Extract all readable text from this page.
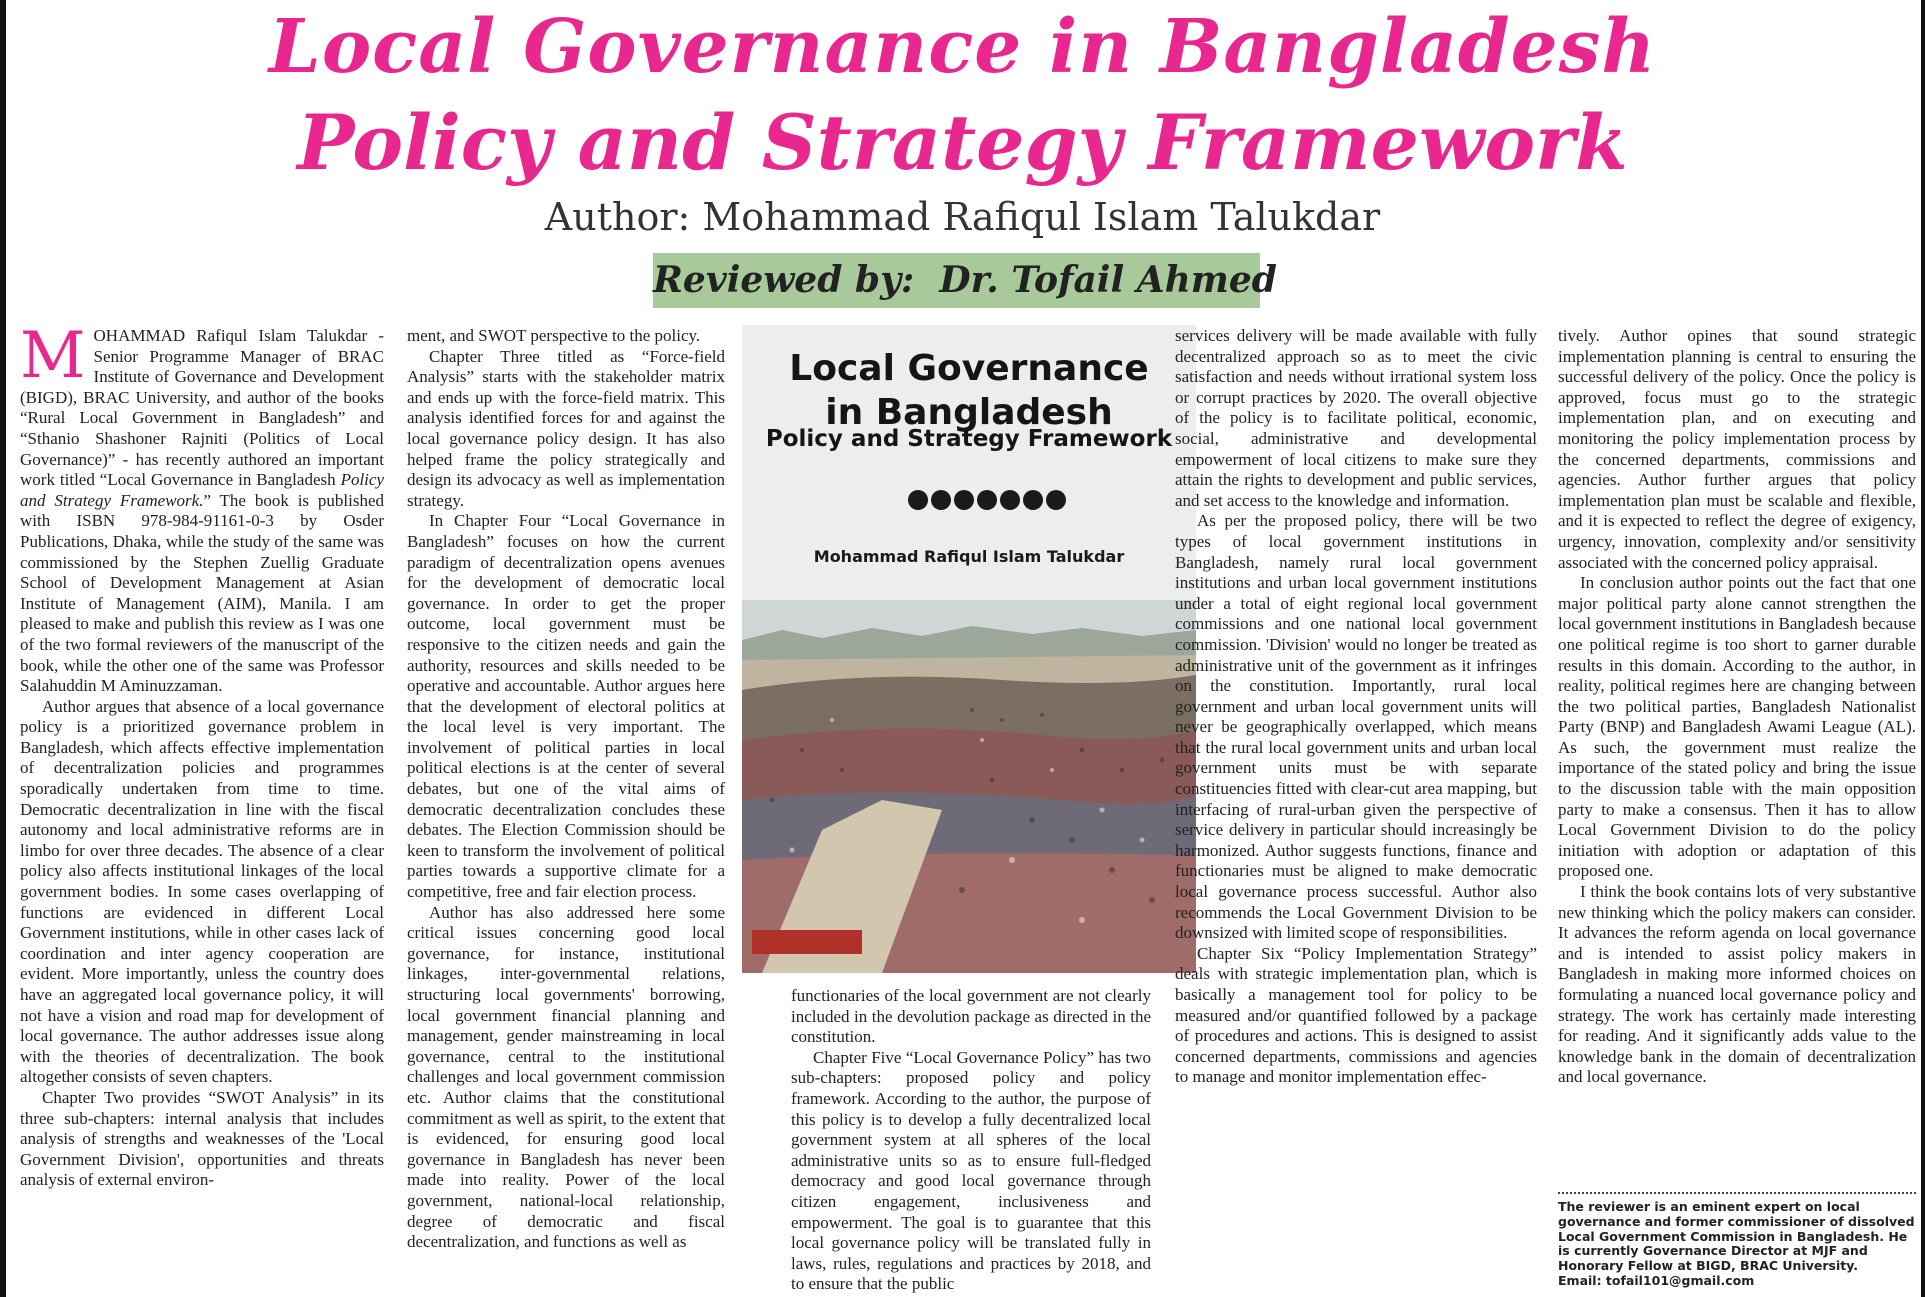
Local Governance in Bangladesh
Policy and Strategy Framework
Author: Mohammad Rafiqul Islam Talukdar
Reviewed by:  Dr. Tofail Ahmed

MOHAMMAD Rafiqul Islam Talukdar - Senior Programme Manager of BRAC Institute of Governance and Development (BIGD), BRAC University, and author of the books “Rural Local Government in Bangladesh” and “Sthanio Shashoner Rajniti (Politics of Local Governance)” - has recently authored an important work titled “Local Governance in Bangladesh Policy and Strategy Framework.” The book is published with ISBN 978-984-91161-0-3 by Osder Publications, Dhaka, while the study of the same was commissioned by the Stephen Zuellig Graduate School of Development Management at Asian Institute of Management (AIM), Manila. I am pleased to make and publish this review as I was one of the two formal reviewers of the manuscript of the book, while the other one of the same was Professor Salahuddin M Aminuzzaman.

Author argues that absence of a local governance policy is a prioritized governance problem in Bangladesh, which affects effective implementation of decentralization policies and programmes sporadically undertaken from time to time. Democratic decentralization in line with the fiscal autonomy and local administrative reforms are in limbo for over three decades. The absence of a clear policy also affects institutional linkages of the local government bodies. In some cases overlapping of functions are evidenced in different Local Government institutions, while in other cases lack of coordination and inter agency cooperation are evident. More importantly, unless the country does have an aggregated local governance policy, it will not have a vision and road map for development of local governance. The author addresses issue along with the theories of decentralization. The book altogether consists of seven chapters.

Chapter Two provides “SWOT Analysis” in its three sub-chapters: internal analysis that includes analysis of strengths and weaknesses of the 'Local Government Division', opportunities and threats analysis of external environ-

ment, and SWOT perspective to the policy.

Chapter Three titled as “Force-field Analysis” starts with the stakeholder matrix and ends up with the force-field matrix. This analysis identified forces for and against the local governance policy design. It has also helped frame the policy strategically and design its advocacy as well as implementation strategy.

In Chapter Four “Local Governance in Bangladesh” focuses on how the current paradigm of decentralization opens avenues for the development of democratic local governance. In order to get the proper outcome, local government must be responsive to the citizen needs and gain the authority, resources and skills needed to be operative and accountable. Author argues here that the development of electoral politics at the local level is very important. The involvement of political parties in local political elections is at the center of several debates, but one of the vital aims of democratic decentralization concludes these debates. The Election Commission should be keen to transform the involvement of political parties towards a supportive climate for a competitive, free and fair election process.

Author has also addressed here some critical issues concerning good local governance, for instance, institutional linkages, inter-governmental relations, structuring local governments' borrowing, local government financial planning and management, gender mainstreaming in local governance, central to the institutional challenges and local government commission etc. Author claims that the constitutional commitment as well as spirit, to the extent that is evidenced, for ensuring good local governance in Bangladesh has never been made into reality. Power of the local government, national-local relationship, degree of democratic and fiscal decentralization, and functions as well as

Local Governance
in Bangladesh
Policy and Strategy Framework
Mohammad Rafiqul Islam Talukdar

functionaries of the local government are not clearly included in the devolution package as directed in the constitution.

Chapter Five “Local Governance Policy” has two sub-chapters: proposed policy and policy framework. According to the author, the purpose of this policy is to develop a fully decentralized local government system at all spheres of the local administrative units so as to ensure full-fledged democracy and good local governance through citizen engagement, inclusiveness and empowerment. The goal is to guarantee that this local governance policy will be translated fully in laws, rules, regulations and practices by 2018, and to ensure that the public

services delivery will be made available with fully decentralized approach so as to meet the civic satisfaction and needs without irrational system loss or corrupt practices by 2020. The overall objective of the policy is to facilitate political, economic, social, administrative and developmental empowerment of local citizens to make sure they attain the rights to development and public services, and set access to the knowledge and information.

As per the proposed policy, there will be two types of local government institutions in Bangladesh, namely rural local government institutions and urban local government institutions under a total of eight regional local government commissions and one national local government commission. 'Division' would no longer be treated as administrative unit of the government as it infringes on the constitution. Importantly, rural local government and urban local government units will never be geographically overlapped, which means that the rural local government units and urban local government units must be with separate constituencies fitted with clear-cut area mapping, but interfacing of rural-urban given the perspective of service delivery in particular should increasingly be harmonized. Author suggests functions, finance and functionaries must be aligned to make democratic local governance process successful. Author also recommends the Local Government Division to be downsized with limited scope of responsibilities.

Chapter Six “Policy Implementation Strategy” deals with strategic implementation plan, which is basically a management tool for policy to be measured and/or quantified followed by a package of procedures and actions. This is designed to assist concerned departments, commissions and agencies to manage and monitor implementation effec-

tively. Author opines that sound strategic implementation planning is central to ensuring the successful delivery of the policy. Once the policy is approved, focus must go to the strategic implementation plan, and on executing and monitoring the policy implementation process by the concerned departments, commissions and agencies. Author further argues that policy implementation plan must be scalable and flexible, and it is expected to reflect the degree of exigency, urgency, innovation, complexity and/or sensitivity associated with the concerned policy appraisal.

In conclusion author points out the fact that one major political party alone cannot strengthen the local government institutions in Bangladesh because one political regime is too short to garner durable results in this domain. According to the author, in reality, political regimes here are changing between the two political parties, Bangladesh Nationalist Party (BNP) and Bangladesh Awami League (AL). As such, the government must realize the importance of the stated policy and bring the issue to the discussion table with the main opposition party to make a consensus. Then it has to allow Local Government Division to do the policy initiation with adoption or adaptation of this proposed one.

I think the book contains lots of very substantive new thinking which the policy makers can consider. It advances the reform agenda on local governance and is intended to assist policy makers in Bangladesh in making more informed choices on formulating a nuanced local governance policy and strategy. The work has certainly made interesting for reading. And it significantly adds value to the knowledge bank in the domain of decentralization and local governance.

The reviewer is an eminent expert on local governance and former commissioner of dissolved Local Government Commission in Bangladesh. He is currently Governance Director at MJF and Honorary Fellow at BIGD, BRAC University.
Email: tofail101@gmail.com
